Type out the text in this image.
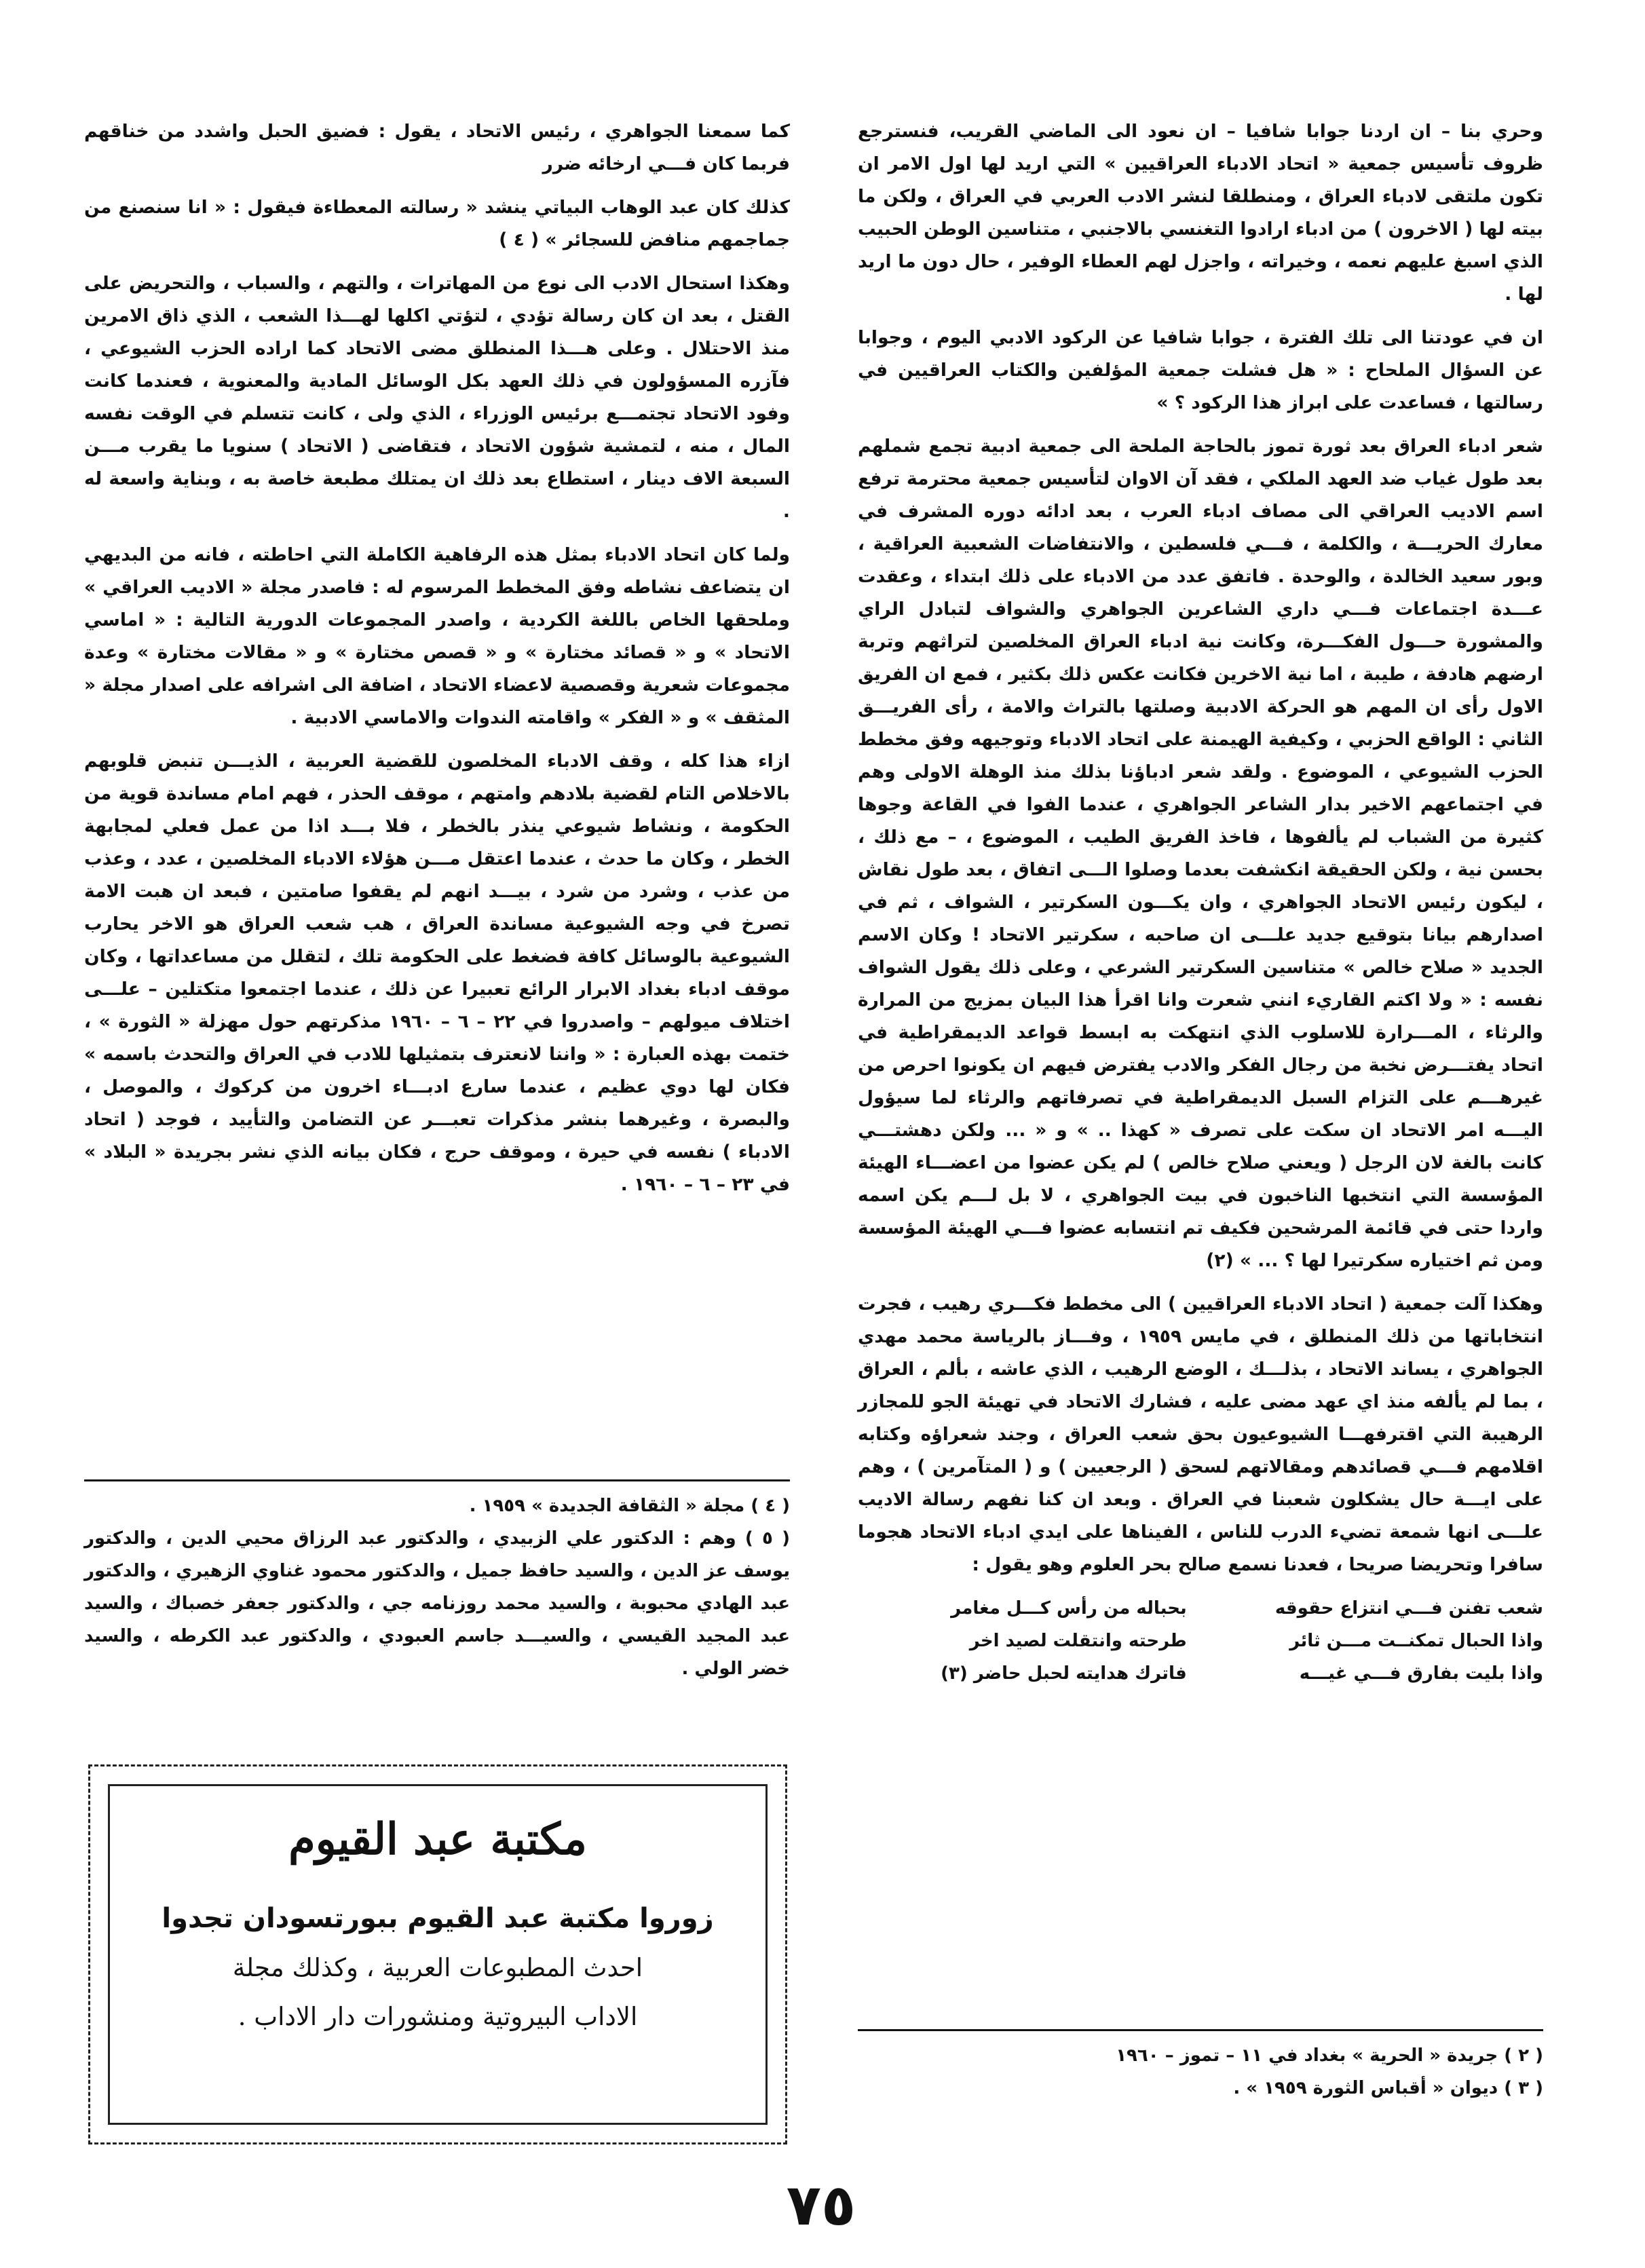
وحري بنا – ان اردنا جوابا شافيا – ان نعود الى الماضي القريب، فنسترجع ظروف تأسيس جمعية « اتحاد الادباء العراقيين » التي اريد لها اول الامر ان تكون ملتقى لادباء العراق ، ومنطلقا لنشر الادب العربي في العراق ، ولكن ما بيته لها ( الاخرون ) من ادباء ارادوا التغنسي بالاجنبي ، متناسين الوطن الحبيب الذي اسبغ عليهم نعمه ، وخيراته ، واجزل لهم العطاء الوفير ، حال دون ما اريد لها .

ان في عودتنا الى تلك الفترة ، جوابا شافيا عن الركود الادبي اليوم ، وجوابا عن السؤال الملحاح : « هل فشلت جمعية المؤلفين والكتاب العراقيين في رسالتها ، فساعدت على ابراز هذا الركود ؟ »

شعر ادباء العراق بعد ثورة تموز بالحاجة الملحة الى جمعية ادبية تجمع شملهم بعد طول غياب ضد العهد الملكي ، فقد آن الاوان لتأسيس جمعية محترمة ترفع اسم الاديب العراقي الى مصاف ادباء العرب ، بعد ادائه دوره المشرف في معارك الحريـــة ، والكلمة ، فـــي فلسطين ، والانتفاضات الشعبية العراقية ، وبور سعيد الخالدة ، والوحدة . فاتفق عدد من الادباء على ذلك ابتداء ، وعقدت عـــدة اجتماعات فـــي داري الشاعرين الجواهري والشواف لتبادل الراي والمشورة حـــول الفكـــرة، وكانت نية ادباء العراق المخلصين لتراثهم وتربة ارضهم هادفة ، طيبة ، اما نية الاخرين فكانت عكس ذلك بكثير ، فمع ان الفريق الاول رأى ان المهم هو الحركة الادبية وصلتها بالتراث والامة ، رأى الفريـــق الثاني : الواقع الحزبي ، وكيفية الهيمنة على اتحاد الادباء وتوجيهه وفق مخطط الحزب الشيوعي ، الموضوع . ولقد شعر ادباؤنا بذلك منذ الوهلة الاولى وهم في اجتماعهم الاخير بدار الشاعر الجواهري ، عندما الفوا في القاعة وجوها كثيرة من الشباب لم يألفوها ، فاخذ الفريق الطيب ، الموضوع ، – مع ذلك ، بحسن نية ، ولكن الحقيقة انكشفت بعدما وصلوا الـــى اتفاق ، بعد طول نقاش ، ليكون رئيس الاتحاد الجواهري ، وان يكـــون السكرتير ، الشواف ، ثم في اصدارهم بيانا بتوقيع جديد علـــى ان صاحبه ، سكرتير الاتحاد ! وكان الاسم الجديد « صلاح خالص » متناسين السكرتير الشرعي ، وعلى ذلك يقول الشواف نفسه : « ولا اكتم القاريء انني شعرت وانا اقرأ هذا البيان بمزيج من المرارة والرثاء ، المـــرارة للاسلوب الذي انتهكت به ابسط قواعد الديمقراطية في اتحاد يفتـــرض نخبة من رجال الفكر والادب يفترض فيهم ان يكونوا احرص من غيرهـــم على التزام السبل الديمقراطية في تصرفاتهم والرثاء لما سيؤول اليـــه امر الاتحاد ان سكت على تصرف « كهذا .. » و « ... ولكن دهشتـــي كانت بالغة لان الرجل ( ويعني صلاح خالص ) لم يكن عضوا من اعضـــاء الهيئة المؤسسة التي انتخبها الناخبون في بيت الجواهري ، لا بل لـــم يكن اسمه واردا حتى في قائمة المرشحين فكيف تم انتسابه عضوا فـــي الهيئة المؤسسة ومن ثم اختياره سكرتيرا لها ؟ ... » (٢)

وهكذا آلت جمعية ( اتحاد الادباء العراقيين ) الى مخطط فكـــري رهيب ، فجرت انتخاباتها من ذلك المنطلق ، في مايس ١٩٥٩ ، وفـــاز بالرياسة محمد مهدي الجواهري ، يساند الاتحاد ، بذلـــك ، الوضع الرهيب ، الذي عاشه ، بألم ، العراق ، بما لم يألفه منذ اي عهد مضى عليه ، فشارك الاتحاد في تهيئة الجو للمجازر الرهيبة التي اقترفهـــا الشيوعيون بحق شعب العراق ، وجند شعراؤه وكتابه اقلامهم فـــي قصائدهم ومقالاتهم لسحق ( الرجعيين ) و ( المتآمرين ) ، وهم على ايـــة حال يشكلون شعبنا في العراق . وبعد ان كنا نفهم رسالة الاديب علـــى انها شمعة تضيء الدرب للناس ، الفيناها على ايدي ادباء الاتحاد هجوما سافرا وتحريضا صريحا ، فعدنا نسمع صالح بحر العلوم وهو يقول :

شعب تفنن فـــي انتزاع حقوقه
بحباله من رأس كـــل مغامر
واذا الحبال تمكنــت مـــن ثائر
طرحته وانتقلت لصيد اخر
واذا بليت بفارق فـــي غيـــه
فاترك هدايته لحبل حاضر (٣)
( ٢ ) جريدة « الحرية » بغداد في ١١ – تموز – ١٩٦٠
( ٣ ) ديوان « أقباس الثورة ١٩٥٩ » .

كما سمعنا الجواهري ، رئيس الاتحاد ، يقول : فضيق الحبل واشدد من خناقهم فربما كان فـــي ارخائه ضرر

كذلك كان عبد الوهاب البياتي ينشد « رسالته المعطاءة فيقول : « انا سنصنع من جماجمهم منافض للسجائر » ( ٤ )

وهكذا استحال الادب الى نوع من المهاترات ، والتهم ، والسباب ، والتحريض على القتل ، بعد ان كان رسالة تؤدي ، لتؤتي اكلها لهـــذا الشعب ، الذي ذاق الامرين منذ الاحتلال . وعلى هـــذا المنطلق مضى الاتحاد كما اراده الحزب الشيوعي ، فآزره المسؤولون في ذلك العهد بكل الوسائل المادية والمعنوية ، فعندما كانت وفود الاتحاد تجتمـــع برئيس الوزراء ، الذي ولى ، كانت تتسلم في الوقت نفسه المال ، منه ، لتمشية شؤون الاتحاد ، فتقاضى ( الاتحاد ) سنويا ما يقرب مـــن السبعة الاف دينار ، استطاع بعد ذلك ان يمتلك مطبعة خاصة به ، وبناية واسعة له .

ولما كان اتحاد الادباء بمثل هذه الرفاهية الكاملة التي احاطته ، فانه من البديهي ان يتضاعف نشاطه وفق المخطط المرسوم له : فاصدر مجلة « الاديب العراقي » وملحقها الخاص باللغة الكردية ، واصدر المجموعات الدورية التالية : « اماسي الاتحاد » و « قصائد مختارة » و « قصص مختارة » و « مقالات مختارة » وعدة مجموعات شعرية وقصصية لاعضاء الاتحاد ، اضافة الى اشرافه على اصدار مجلة « المثقف » و « الفكر » واقامته الندوات والاماسي الادبية .

ازاء هذا كله ، وقف الادباء المخلصون للقضية العربية ، الذيـــن تنبض قلوبهم بالاخلاص التام لقضية بلادهم وامتهم ، موقف الحذر ، فهم امام مساندة قوية من الحكومة ، ونشاط شيوعي ينذر بالخطر ، فلا بـــد اذا من عمل فعلي لمجابهة الخطر ، وكان ما حدث ، عندما اعتقل مـــن هؤلاء الادباء المخلصين ، عدد ، وعذب من عذب ، وشرد من شرد ، بيـــد انهم لم يقفوا صامتين ، فبعد ان هبت الامة تصرخ في وجه الشيوعية مساندة العراق ، هب شعب العراق هو الاخر يحارب الشيوعية بالوسائل كافة فضغط على الحكومة تلك ، لتقلل من مساعداتها ، وكان موقف ادباء بغداد الابرار الرائع تعبيرا عن ذلك ، عندما اجتمعوا متكتلين – علـــى اختلاف ميولهم – واصدروا في ٢٢ – ٦ – ١٩٦٠ مذكرتهم حول مهزلة « الثورة » ، ختمت بهذه العبارة : « واننا لانعترف بتمثيلها للادب في العراق والتحدث باسمه » فكان لها دوي عظيم ، عندما سارع ادبـــاء اخرون من كركوك ، والموصل ، والبصرة ، وغيرهما بنشر مذكرات تعبـــر عن التضامن والتأييد ، فوجد ( اتحاد الادباء ) نفسه في حيرة ، وموقف حرج ، فكان بيانه الذي نشر بجريدة « البلاد » في ٢٣ – ٦ – ١٩٦٠ .

( ٤ ) مجلة « الثقافة الجديدة » ١٩٥٩ .
( ٥ ) وهم : الدكتور علي الزبيدي ، والدكتور عبد الرزاق محيي الدين ، والدكتور يوسف عز الدين ، والسيد حافظ جميل ، والدكتور محمود غناوي الزهيري ، والدكتور عبد الهادي محبوبة ، والسيد محمد روزنامه جي ، والدكتور جعفر خصباك ، والسيد عبد المجيد القيسي ، والسيـــد جاسم العبودي ، والدكتور عبد الكرطه ، والسيد خضر الولي .
مكتبة عبد القيوم
زوروا مكتبة عبد القيوم ببورتسودان تجدوا
احدث المطبوعات العربية ، وكذلك مجلة
الاداب البيروتية ومنشورات دار الاداب .
٧٥
